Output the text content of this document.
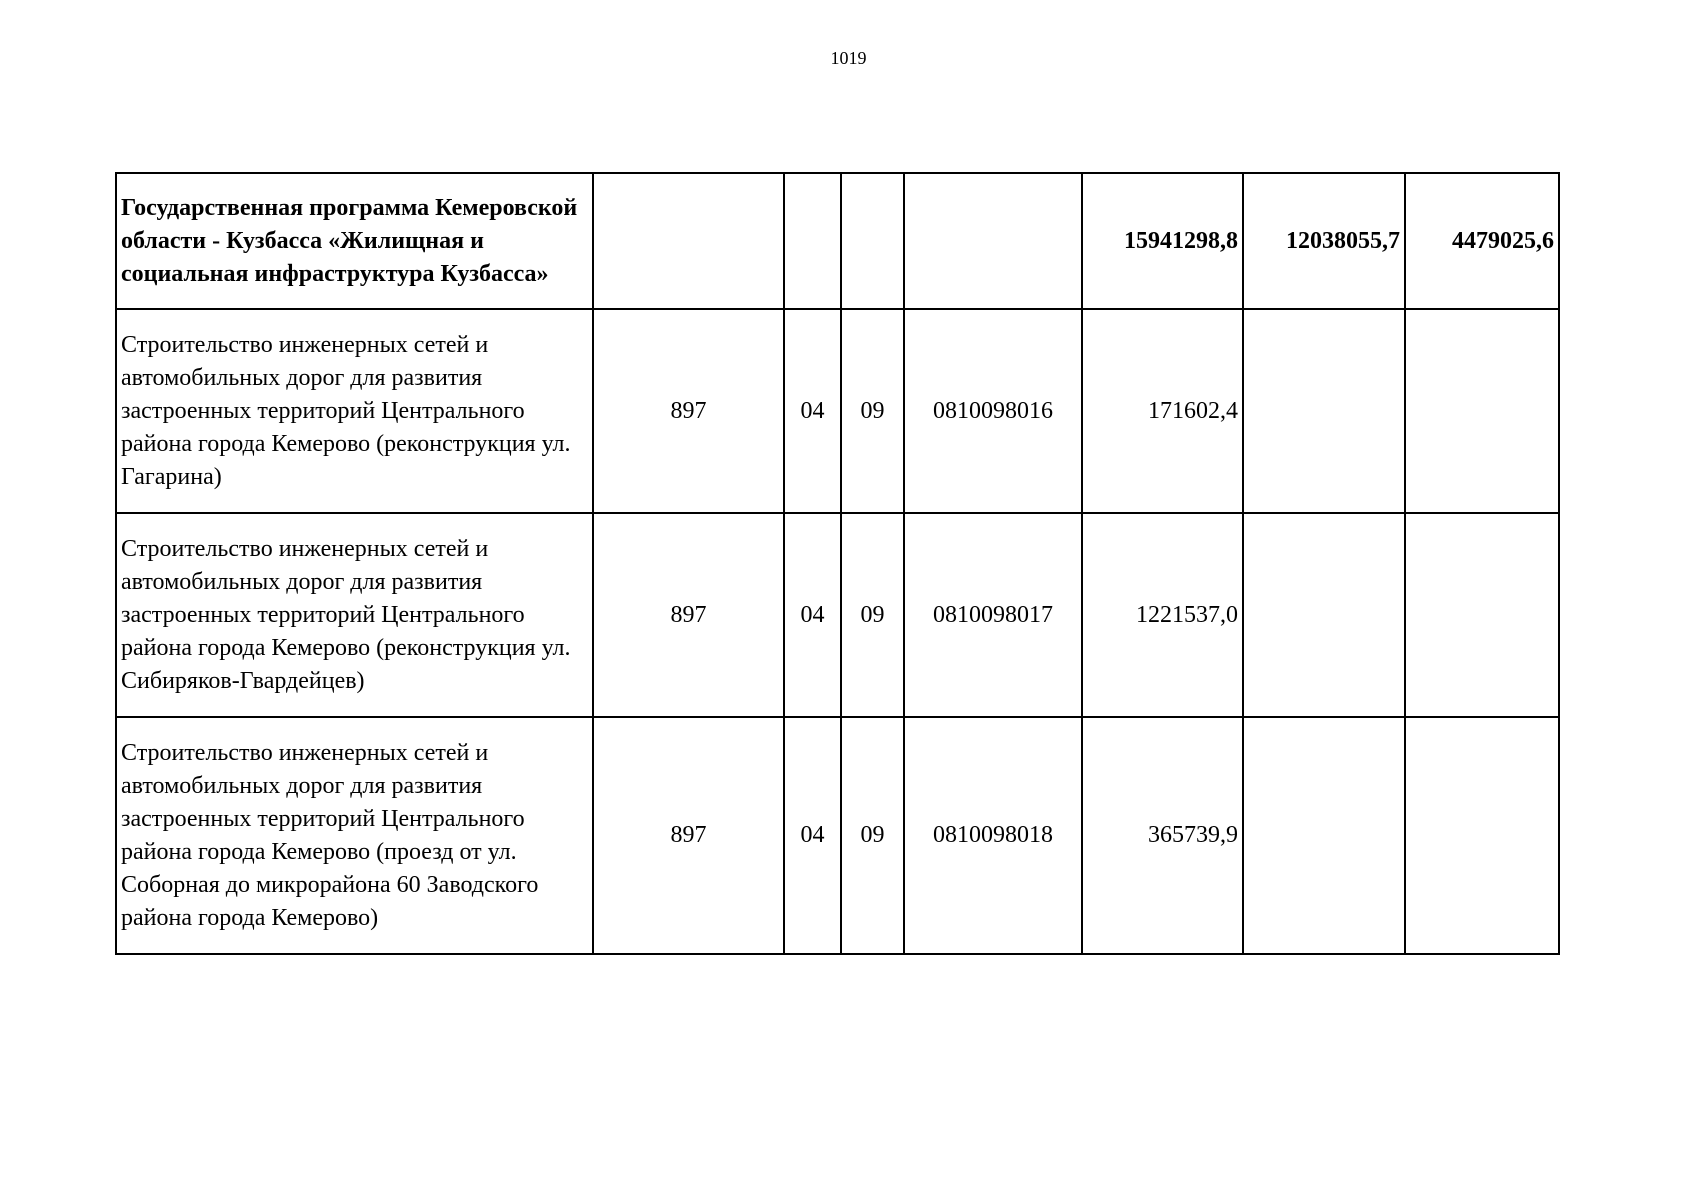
1019
Государственная программа Кемеровской области - Кузбасса «Жилищная и социальная инфраструктура Кузбасса»					15941298,8	12038055,7	4479025,6
Строительство инженерных сетей и автомобильных дорог для развития застроенных территорий Центрального района города Кемерово (реконструкция ул. Гагарина)	897	04	09	0810098016	171602,4		
Строительство инженерных сетей и автомобильных дорог для развития застроенных территорий Центрального района города Кемерово (реконструкция ул. Сибиряков-Гвардейцев)	897	04	09	0810098017	1221537,0		
Строительство инженерных сетей и автомобильных дорог для развития застроенных территорий Центрального района города Кемерово (проезд от ул. Соборная до микрорайона 60 Заводского района города Кемерово)	897	04	09	0810098018	365739,9		
